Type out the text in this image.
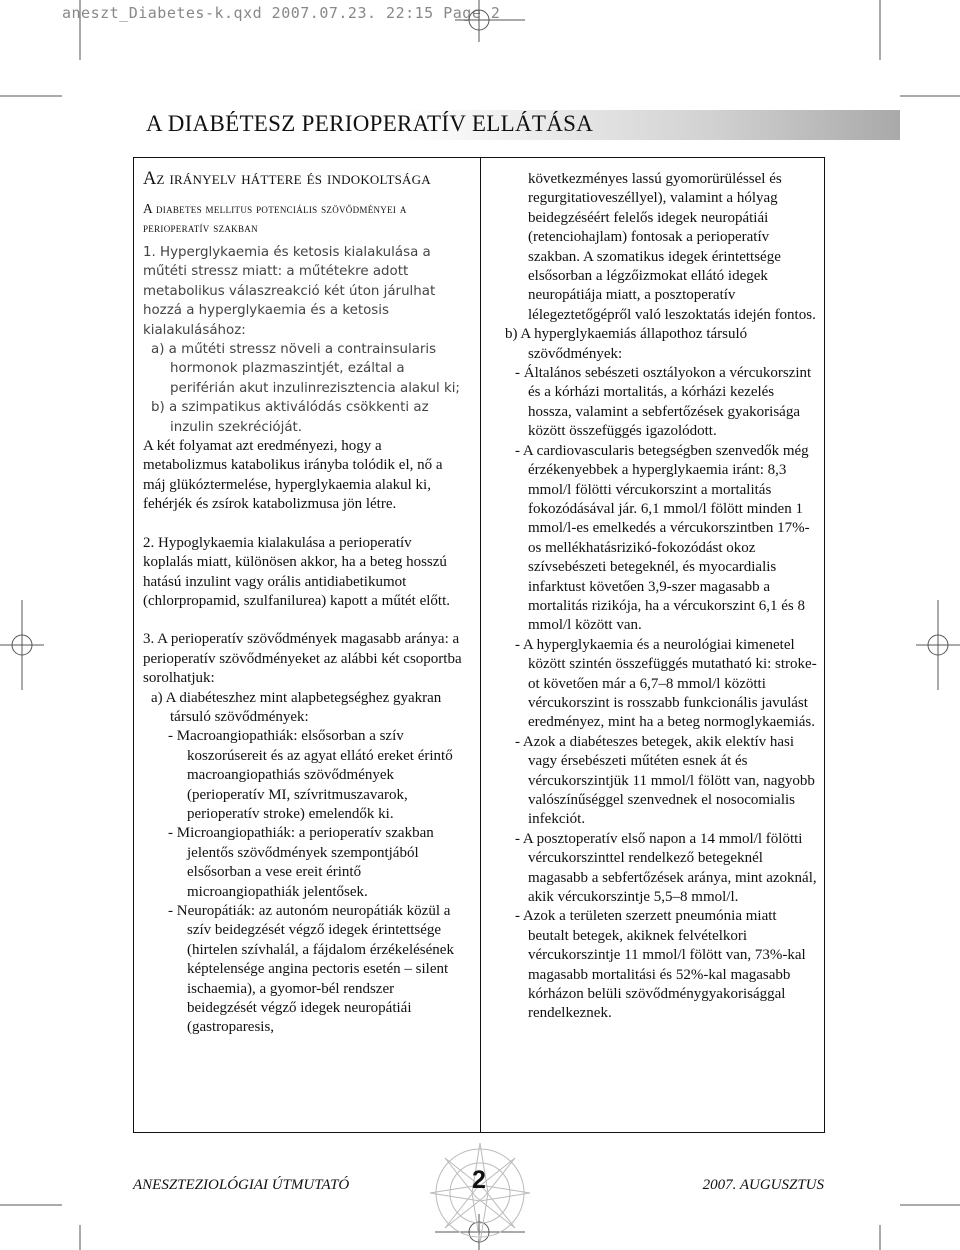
aneszt_Diabetes-k.qxd 2007.07.23. 22:15 Page 2
A DIABÉTESZ PERIOPERATÍV ELLÁTÁSA

Az irányelv háttere és indokoltsága

A diabetes mellitus potenciális szövődményei a perioperatív szakban

1. Hyperglykaemia és ketosis kialakulása a műtéti stressz miatt: a műtétekre adott metabolikus válaszreakció két úton járulhat hozzá a hyperglykaemia és a ketosis kialakulásához:

a) a műtéti stressz növeli a contrainsularis hormonok plazmaszintjét, ezáltal a periférián akut inzulinrezisztencia alakul ki;

b) a szimpatikus aktiválódás csökkenti az inzulin szekrécióját.

A két folyamat azt eredményezi, hogy a metabolizmus katabolikus irányba tolódik el, nő a máj glükóztermelése, hyperglykaemia alakul ki, fehérjék és zsírok katabolizmusa jön létre.

2. Hypoglykaemia kialakulása a perioperatív koplalás miatt, különösen akkor, ha a beteg hosszú hatású inzulint vagy orális antidiabetikumot (chlorpropamid, szulfanilurea) kapott a műtét előtt.

3. A perioperatív szövődmények magasabb aránya: a perioperatív szövődményeket az alábbi két csoportba sorolhatjuk:

a) A diabéteszhez mint alapbetegséghez gyakran társuló szövődmények:

- Macroangiopathiák: elsősorban a szív koszorúsereit és az agyat ellátó ereket érintő macroangiopathiás szövődmények (perioperatív MI, szívritmuszavarok, perioperatív stroke) emelendők ki.

- Microangiopathiák: a perioperatív szakban jelentős szövődmények szempontjából elsősorban a vese ereit érintő microangiopathiák jelentősek.

- Neuropátiák: az autonóm neuropátiák közül a szív beidegzését végző idegek érintettsége (hirtelen szívhalál, a fájdalom érzékelésének képtelensége angina pectoris esetén – silent ischaemia), a gyomor-bél rendszer beidegzését végző idegek neuropátiái (gastroparesis,

következményes lassú gyomorürüléssel és regurgitatioveszéllyel), valamint a hólyag beidegzéséért felelős idegek neuropátiái (retenciohajlam) fontosak a perioperatív szakban. A szomatikus idegek érintettsége elsősorban a légzőizmokat ellátó idegek neuropátiája miatt, a posztoperatív lélegeztetőgépről való leszoktatás idején fontos.

b) A hyperglykaemiás állapothoz társuló szövődmények:

- Általános sebészeti osztályokon a vércukorszint és a kórházi mortalitás, a kórházi kezelés hossza, valamint a sebfertőzések gyakorisága között összefüggés igazolódott.

- A cardiovascularis betegségben szenvedők még érzékenyebbek a hyperglykaemia iránt: 8,3 mmol/l fölötti vércukorszint a mortalitás fokozódásával jár. 6,1 mmol/l fölött minden 1 mmol/l-es emelkedés a vércukorszintben 17%-os mellékhatásrizikó-fokozódást okoz szívsebészeti betegeknél, és myocardialis infarktust követően 3,9-szer magasabb a mortalitás rizikója, ha a vércukorszint 6,1 és 8 mmol/l között van.

- A hyperglykaemia és a neurológiai kimenetel között szintén összefüggés mutatható ki: stroke-ot követően már a 6,7–8 mmol/l közötti vércukorszint is rosszabb funkcionális javulást eredményez, mint ha a beteg normoglykaemiás.

- Azok a diabéteszes betegek, akik elektív hasi vagy érsebészeti műtéten esnek át és vércukorszintjük 11 mmol/l fölött van, nagyobb valószínűséggel szenvednek el nosocomialis infekciót.

- A posztoperatív első napon a 14 mmol/l fölötti vércukorszinttel rendelkező betegeknél magasabb a sebfertőzések aránya, mint azoknál, akik vércukorszintje 5,5–8 mmol/l.

- Azok a területen szerzett pneumónia miatt beutalt betegek, akiknek felvételkori vércukorszintje 11 mmol/l fölött van, 73%-kal magasabb mortalitási és 52%-kal magasabb kórházon belüli szövődménygyakorisággal rendelkeznek.

ANESZTEZIOLÓGIAI ÚTMUTATÓ	2	2007. AUGUSZTUS
